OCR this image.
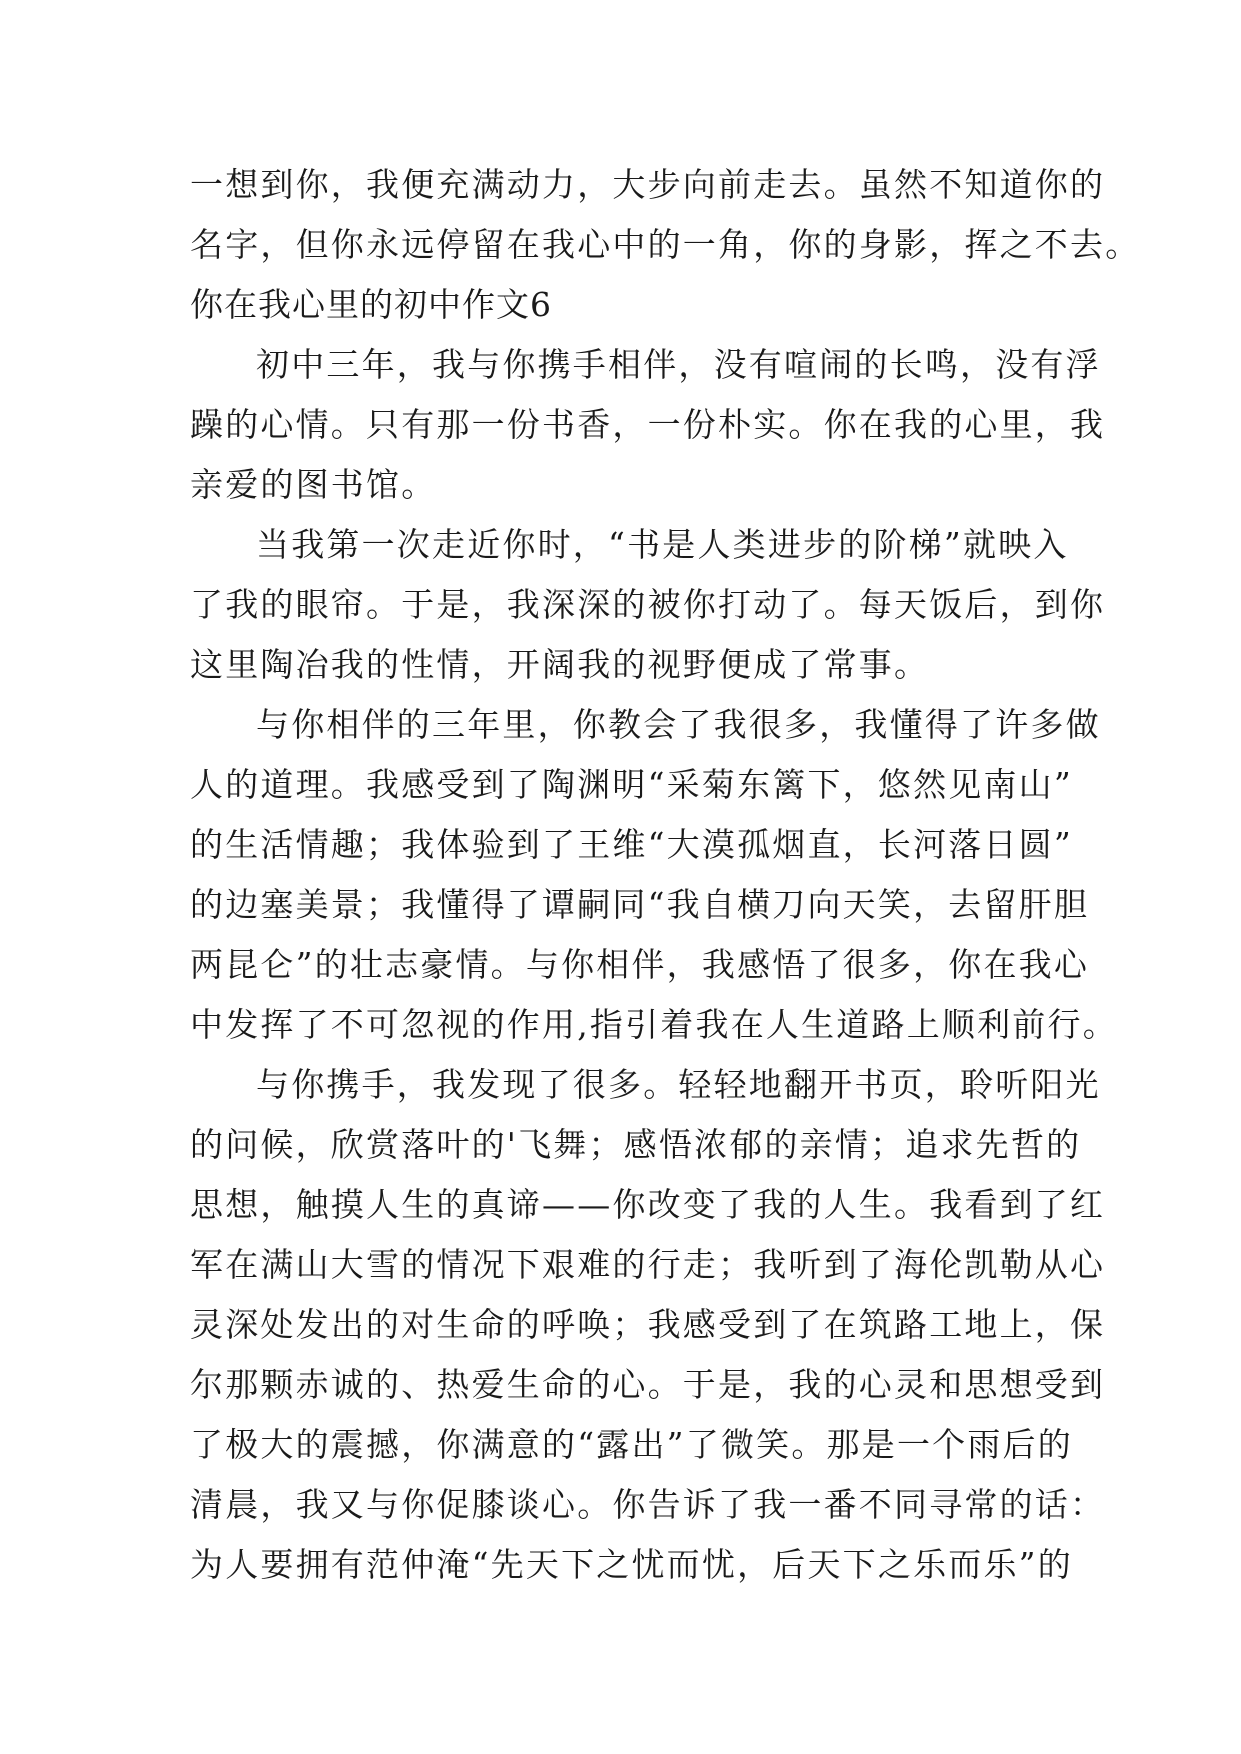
一想到你，我便充满动力，大步向前走去。虽然不知道你的
名字，但你永远停留在我心中的一角，你的身影，挥之不去。
你在我心里的初中作文6
初中三年，我与你携手相伴，没有喧闹的长鸣，没有浮
躁的心情。只有那一份书香，一份朴实。你在我的心里，我
亲爱的图书馆。
当我第一次走近你时，“书是人类进步的阶梯”就映入
了我的眼帘。于是，我深深的被你打动了。每天饭后，到你
这里陶冶我的性情，开阔我的视野便成了常事。
与你相伴的三年里，你教会了我很多，我懂得了许多做
人的道理。我感受到了陶渊明“采菊东篱下，悠然见南山”
的生活情趣；我体验到了王维“大漠孤烟直，长河落日圆”
的边塞美景；我懂得了谭嗣同“我自横刀向天笑，去留肝胆
两昆仑”的壮志豪情。与你相伴，我感悟了很多，你在我心
中发挥了不可忽视的作用,指引着我在人生道路上顺利前行。
与你携手，我发现了很多。轻轻地翻开书页，聆听阳光
的问候，欣赏落叶的'飞舞；感悟浓郁的亲情；追求先哲的
思想，触摸人生的真谛——你改变了我的人生。我看到了红
军在满山大雪的情况下艰难的行走；我听到了海伦凯勒从心
灵深处发出的对生命的呼唤；我感受到了在筑路工地上，保
尔那颗赤诚的、热爱生命的心。于是，我的心灵和思想受到
了极大的震撼，你满意的“露出”了微笑。那是一个雨后的
清晨，我又与你促膝谈心。你告诉了我一番不同寻常的话：
为人要拥有范仲淹“先天下之忧而忧，后天下之乐而乐”的
